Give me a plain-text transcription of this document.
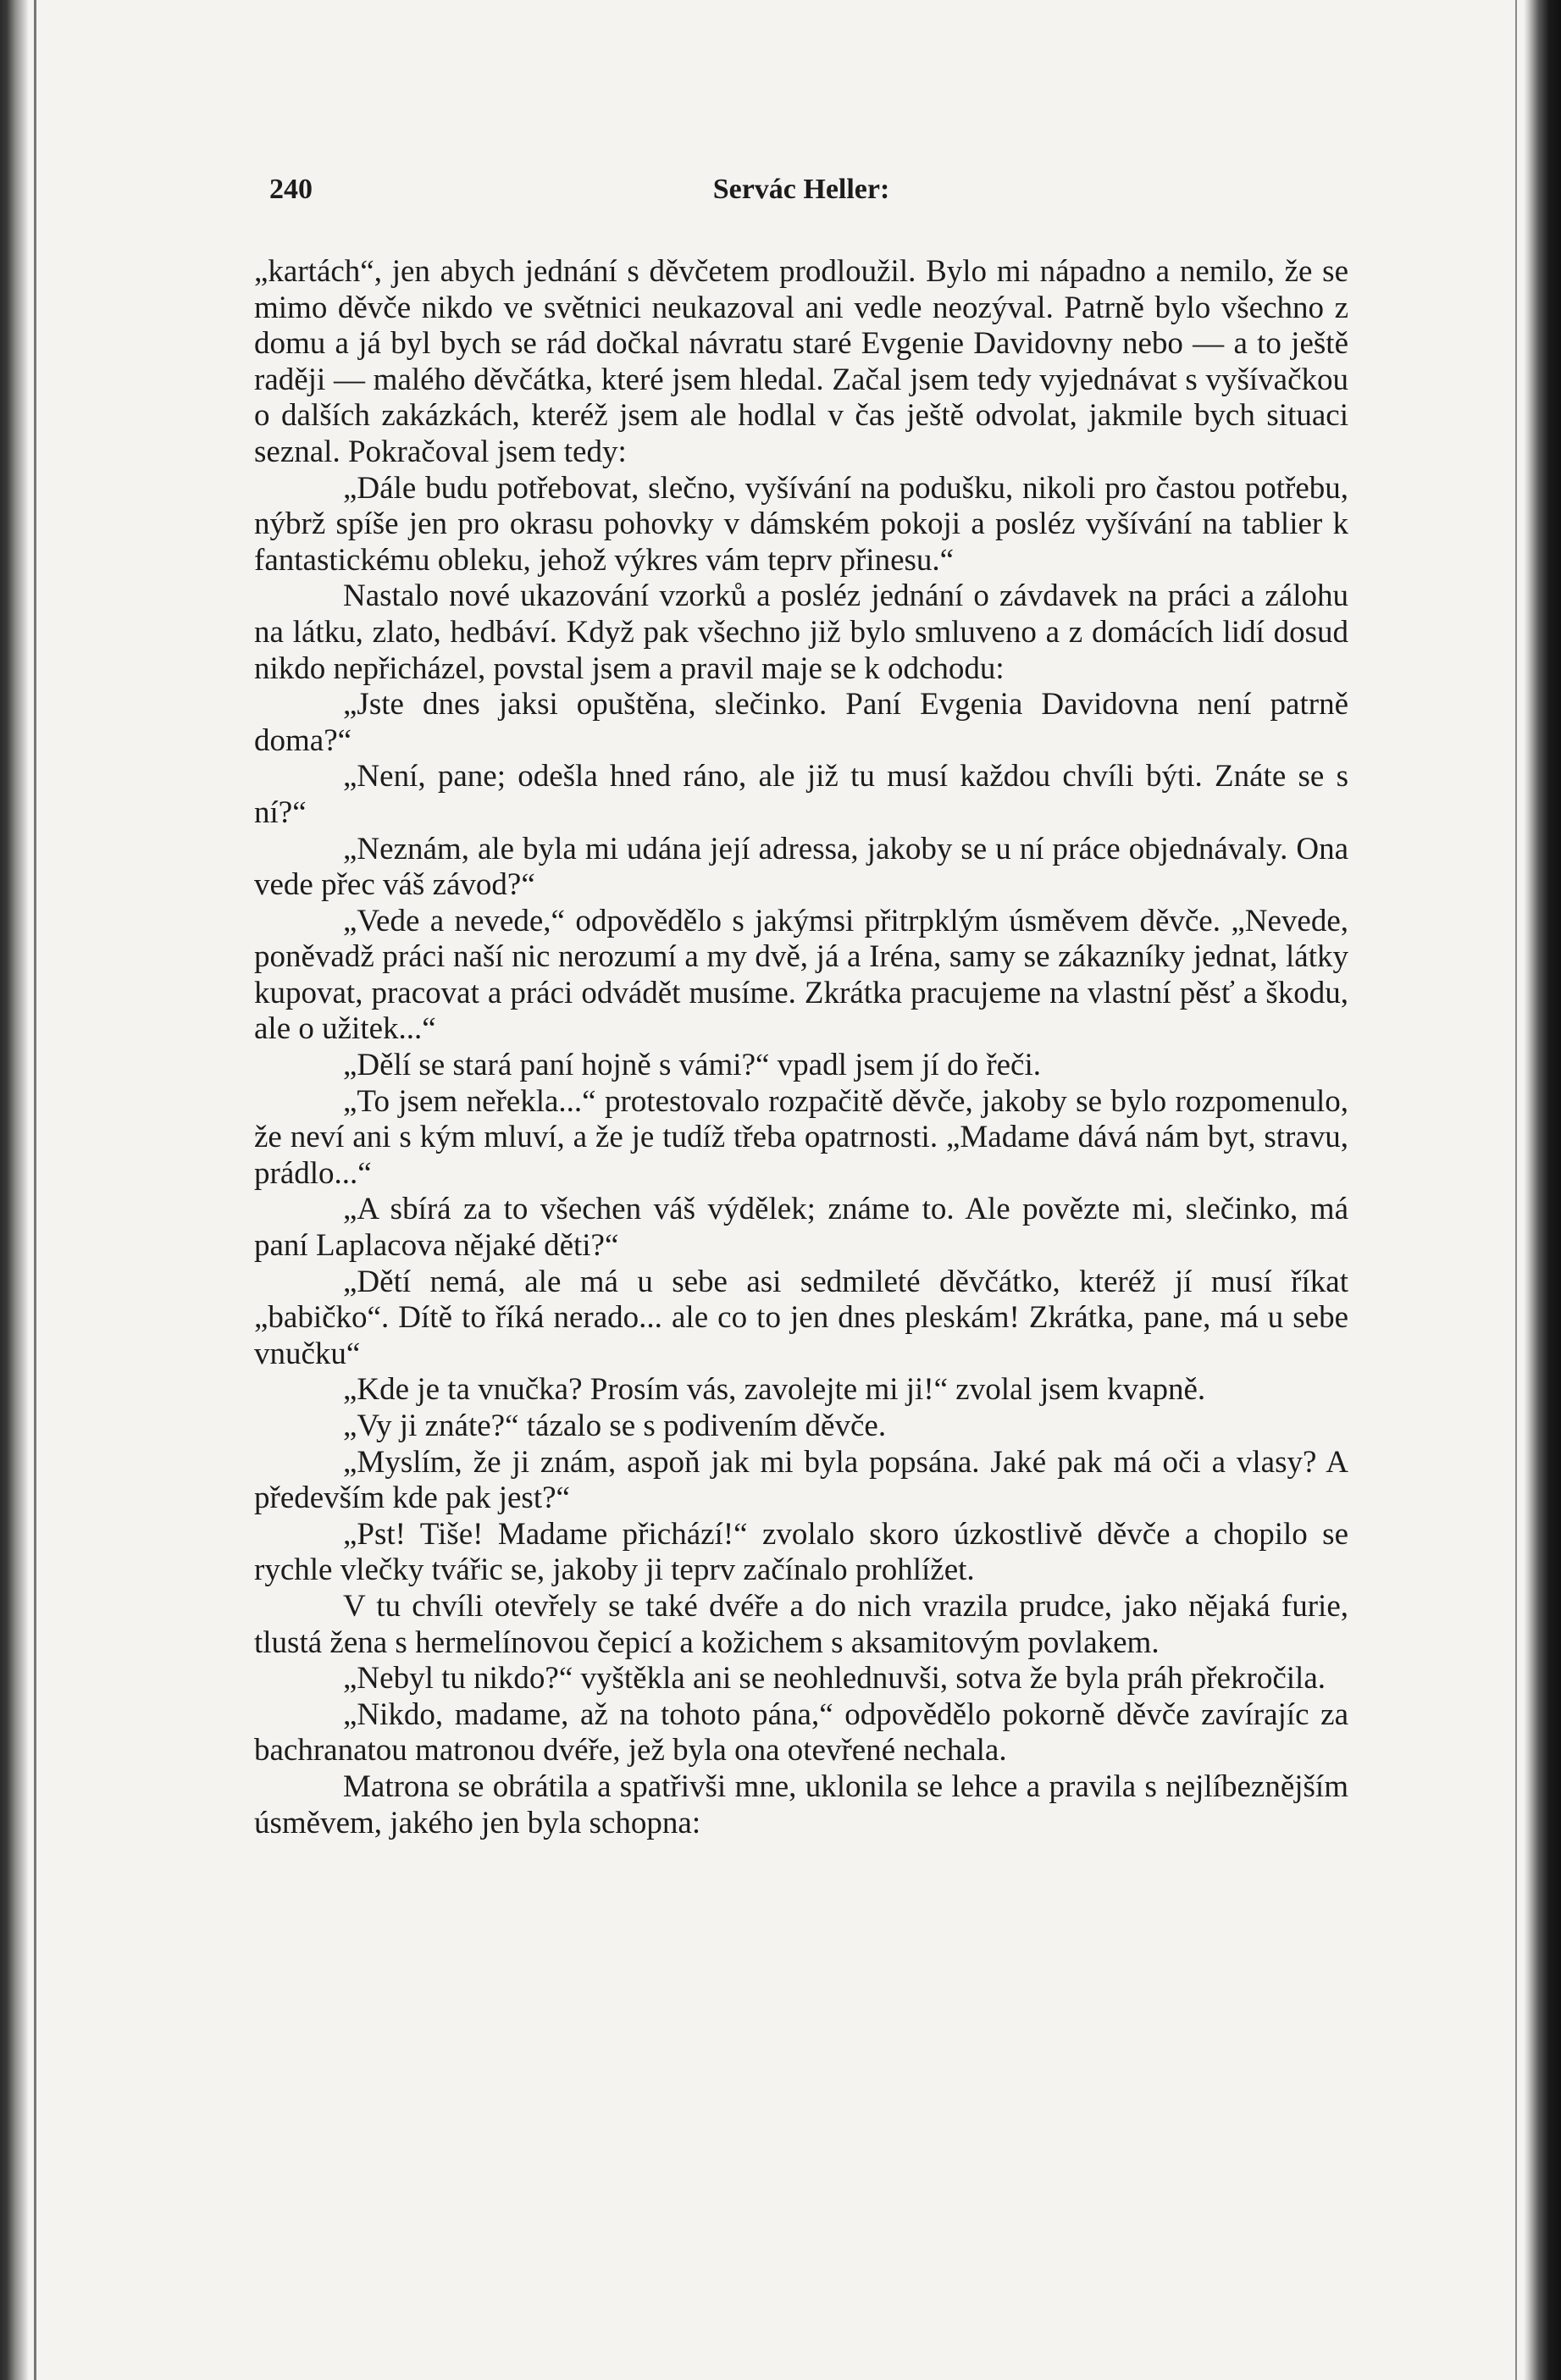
240	Servác Heller:

„kartách“, jen abych jednání s děvčetem prodloužil. Bylo mi nápadno a nemilo, že se mimo děvče nikdo ve světnici neukazoval ani vedle neozýval. Patrně bylo všechno z domu a já byl bych se rád dočkal návratu staré Evgenie Davidovny nebo — a to ještě raději — malého děvčátka, které jsem hledal. Začal jsem tedy vyjednávat s vyšívačkou o dalších zakázkách, kteréž jsem ale hodlal v čas ještě odvolat, jakmile bych situaci seznal. Pokračoval jsem tedy:

„Dále budu potřebovat, slečno, vyšívání na podušku, nikoli pro častou potřebu, nýbrž spíše jen pro okrasu pohovky v dámském pokoji a posléz vyšívání na tablier k fantastickému obleku, jehož výkres vám teprv přinesu.“

Nastalo nové ukazování vzorků a posléz jednání o závdavek na práci a zálohu na látku, zlato, hedbáví. Když pak všechno již bylo smluveno a z domácích lidí dosud nikdo nepřicházel, povstal jsem a pravil maje se k odchodu:

„Jste dnes jaksi opuštěna, slečinko. Paní Evgenia Davidovna není patrně doma?“

„Není, pane; odešla hned ráno, ale již tu musí každou chvíli býti. Znáte se s ní?“

„Neznám, ale byla mi udána její adressa, jakoby se u ní práce objednávaly. Ona vede přec váš závod?“

„Vede a nevede,“ odpovědělo s jakýmsi přitrpklým úsměvem děvče. „Nevede, poněvadž práci naší nic nerozumí a my dvě, já a Iréna, samy se zákazníky jednat, látky kupovat, pracovat a práci odvádět musíme. Zkrátka pracujeme na vlastní pěsť a škodu, ale o užitek...“

„Dělí se stará paní hojně s vámi?“ vpadl jsem jí do řeči.

„To jsem neřekla...“ protestovalo rozpačitě děvče, jakoby se bylo rozpomenulo, že neví ani s kým mluví, a že je tudíž třeba opatrnosti. „Madame dává nám byt, stravu, prádlo...“

„A sbírá za to všechen váš výdělek; známe to. Ale povězte mi, slečinko, má paní Laplacova nějaké děti?“

„Dětí nemá, ale má u sebe asi sedmileté děvčátko, kteréž jí musí říkat „babičko“. Dítě to říká nerado... ale co to jen dnes pleskám! Zkrátka, pane, má u sebe vnučku“

„Kde je ta vnučka? Prosím vás, zavolejte mi ji!“ zvolal jsem kvapně.

„Vy ji znáte?“ tázalo se s podivením děvče.

„Myslím, že ji znám, aspoň jak mi byla popsána. Jaké pak má oči a vlasy? A především kde pak jest?“

„Pst! Tiše! Madame přichází!“ zvolalo skoro úzkostlivě děvče a chopilo se rychle vlečky tvářic se, jakoby ji teprv začínalo prohlížet.

V tu chvíli otevřely se také dvéře a do nich vrazila prudce, jako nějaká furie, tlustá žena s hermelínovou čepicí a kožichem s aksamitovým povlakem.

„Nebyl tu nikdo?“ vyštěkla ani se neohlednuvši, sotva že byla práh překročila.

„Nikdo, madame, až na tohoto pána,“ odpovědělo pokorně děvče zavírajíc za bachranatou matronou dvéře, jež byla ona otevřené nechala.

Matrona se obrátila a spatřivši mne, uklonila se lehce a pravila s nejlíbeznějším úsměvem, jakého jen byla schopna:
